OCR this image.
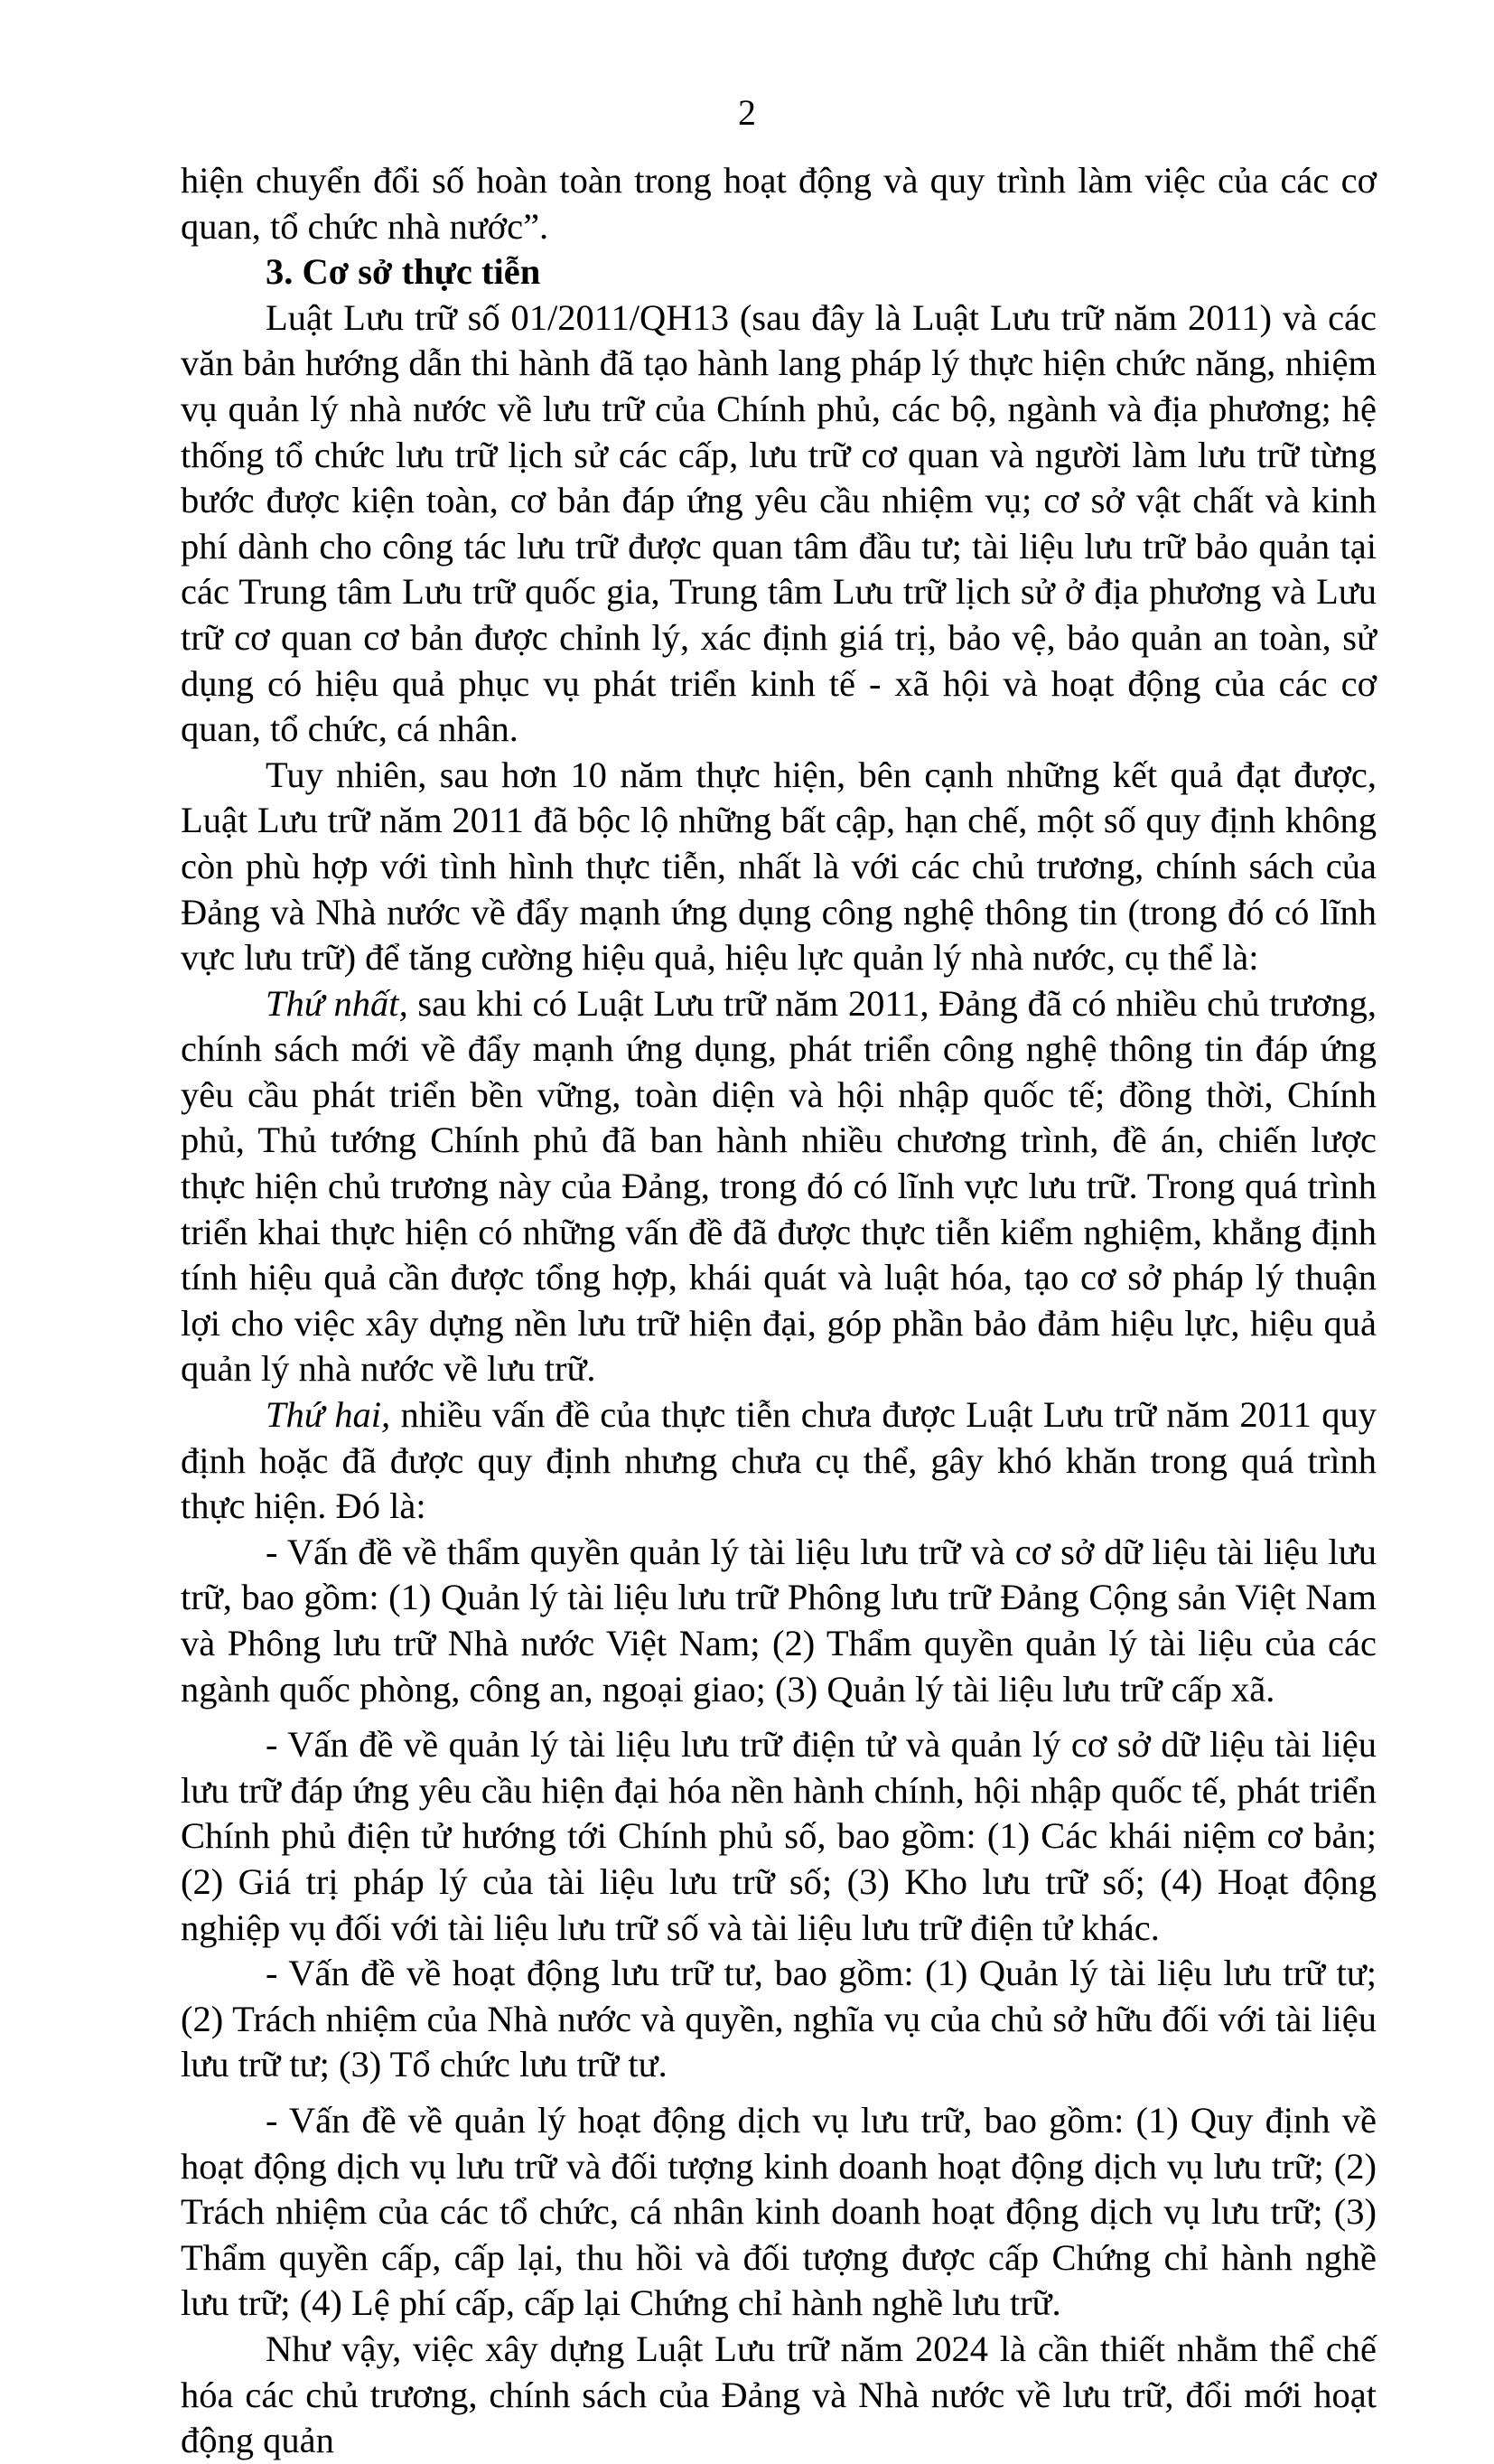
2

hiện chuyển đổi số hoàn toàn trong hoạt động và quy trình làm việc của các cơ quan, tổ chức nhà nước”.

3. Cơ sở thực tiễn

Luật Lưu trữ số 01/2011/QH13 (sau đây là Luật Lưu trữ năm 2011) và các văn bản hướng dẫn thi hành đã tạo hành lang pháp lý thực hiện chức năng, nhiệm vụ quản lý nhà nước về lưu trữ của Chính phủ, các bộ, ngành và địa phương; hệ thống tổ chức lưu trữ lịch sử các cấp, lưu trữ cơ quan và người làm lưu trữ từng bước được kiện toàn, cơ bản đáp ứng yêu cầu nhiệm vụ; cơ sở vật chất và kinh phí dành cho công tác lưu trữ được quan tâm đầu tư; tài liệu lưu trữ bảo quản tại các Trung tâm Lưu trữ quốc gia, Trung tâm Lưu trữ lịch sử ở địa phương và Lưu trữ cơ quan cơ bản được chỉnh lý, xác định giá trị, bảo vệ, bảo quản an toàn, sử dụng có hiệu quả phục vụ phát triển kinh tế - xã hội và hoạt động của các cơ quan, tổ chức, cá nhân.

Tuy nhiên, sau hơn 10 năm thực hiện, bên cạnh những kết quả đạt được, Luật Lưu trữ năm 2011 đã bộc lộ những bất cập, hạn chế, một số quy định không còn phù hợp với tình hình thực tiễn, nhất là với các chủ trương, chính sách của Đảng và Nhà nước về đẩy mạnh ứng dụng công nghệ thông tin (trong đó có lĩnh vực lưu trữ) để tăng cường hiệu quả, hiệu lực quản lý nhà nước, cụ thể là:

Thứ nhất, sau khi có Luật Lưu trữ năm 2011, Đảng đã có nhiều chủ trương, chính sách mới về đẩy mạnh ứng dụng, phát triển công nghệ thông tin đáp ứng yêu cầu phát triển bền vững, toàn diện và hội nhập quốc tế; đồng thời, Chính phủ, Thủ tướng Chính phủ đã ban hành nhiều chương trình, đề án, chiến lược thực hiện chủ trương này của Đảng, trong đó có lĩnh vực lưu trữ. Trong quá trình triển khai thực hiện có những vấn đề đã được thực tiễn kiểm nghiệm, khẳng định tính hiệu quả cần được tổng hợp, khái quát và luật hóa, tạo cơ sở pháp lý thuận lợi cho việc xây dựng nền lưu trữ hiện đại, góp phần bảo đảm hiệu lực, hiệu quả quản lý nhà nước về lưu trữ.

Thứ hai, nhiều vấn đề của thực tiễn chưa được Luật Lưu trữ năm 2011 quy định hoặc đã được quy định nhưng chưa cụ thể, gây khó khăn trong quá trình thực hiện. Đó là:

- Vấn đề về thẩm quyền quản lý tài liệu lưu trữ và cơ sở dữ liệu tài liệu lưu trữ, bao gồm: (1) Quản lý tài liệu lưu trữ Phông lưu trữ Đảng Cộng sản Việt Nam và Phông lưu trữ Nhà nước Việt Nam; (2) Thẩm quyền quản lý tài liệu của các ngành quốc phòng, công an, ngoại giao; (3) Quản lý tài liệu lưu trữ cấp xã.

- Vấn đề về quản lý tài liệu lưu trữ điện tử và quản lý cơ sở dữ liệu tài liệu lưu trữ đáp ứng yêu cầu hiện đại hóa nền hành chính, hội nhập quốc tế, phát triển Chính phủ điện tử hướng tới Chính phủ số, bao gồm: (1) Các khái niệm cơ bản; (2) Giá trị pháp lý của tài liệu lưu trữ số; (3) Kho lưu trữ số; (4) Hoạt động nghiệp vụ đối với tài liệu lưu trữ số và tài liệu lưu trữ điện tử khác.

- Vấn đề về hoạt động lưu trữ tư, bao gồm: (1) Quản lý tài liệu lưu trữ tư; (2) Trách nhiệm của Nhà nước và quyền, nghĩa vụ của chủ sở hữu đối với tài liệu lưu trữ tư; (3) Tổ chức lưu trữ tư.

- Vấn đề về quản lý hoạt động dịch vụ lưu trữ, bao gồm: (1) Quy định về hoạt động dịch vụ lưu trữ và đối tượng kinh doanh hoạt động dịch vụ lưu trữ; (2) Trách nhiệm của các tổ chức, cá nhân kinh doanh hoạt động dịch vụ lưu trữ; (3) Thẩm quyền cấp, cấp lại, thu hồi và đối tượng được cấp Chứng chỉ hành nghề lưu trữ; (4) Lệ phí cấp, cấp lại Chứng chỉ hành nghề lưu trữ.

Như vậy, việc xây dựng Luật Lưu trữ năm 2024 là cần thiết nhằm thể chế hóa các chủ trương, chính sách của Đảng và Nhà nước về lưu trữ, đổi mới hoạt động quản
